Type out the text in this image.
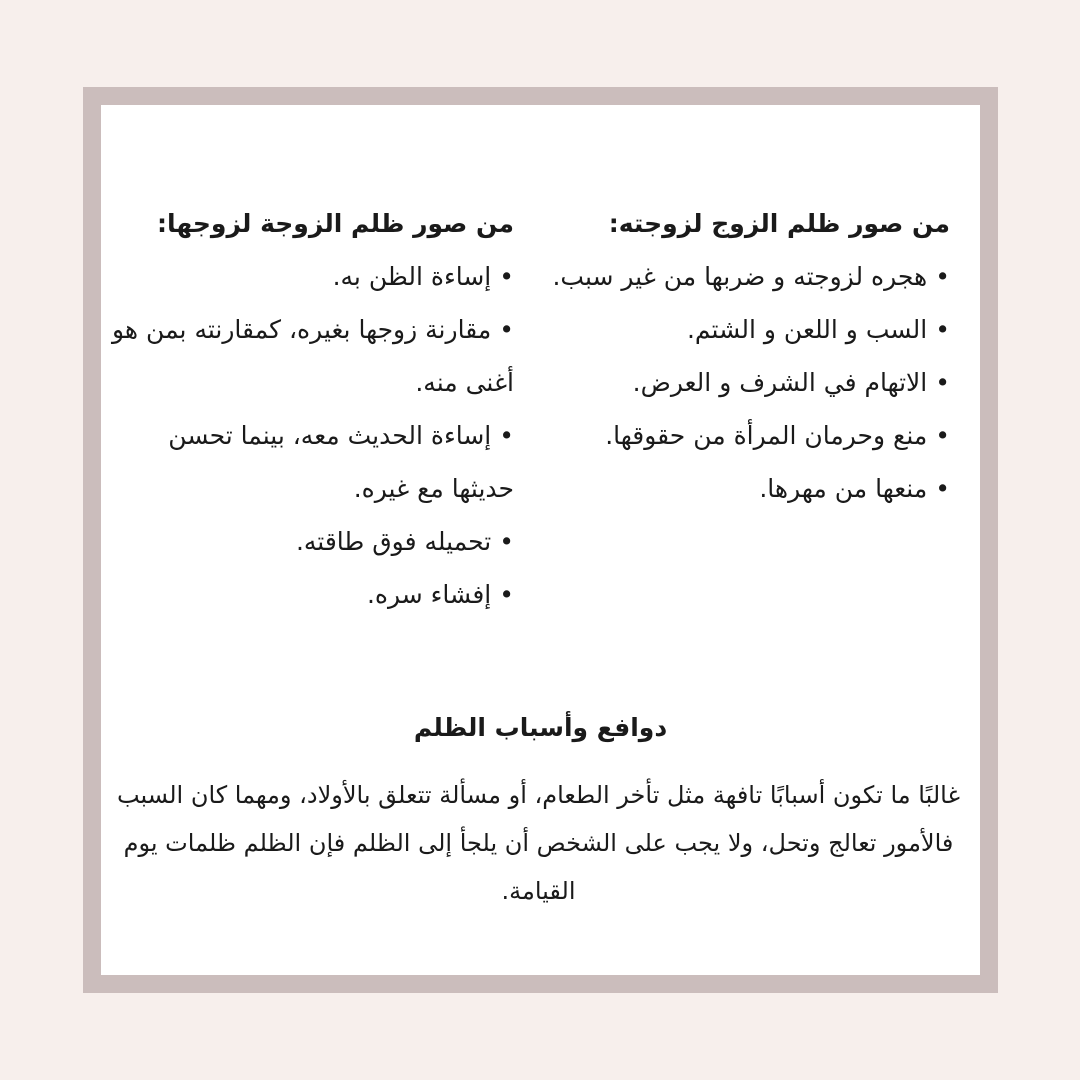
من صور ظلم الزوج لزوجته:

•هجره لزوجته و ضربها من غير سبب.
•السب و اللعن و الشتم.
•الاتهام في الشرف و العرض.
•منع وحرمان المرأة من حقوقها.
•منعها من مهرها.

من صور ظلم الزوجة لزوجها:

•إساءة الظن به.
•مقارنة زوجها بغيره، كمقارنته بمن هو أغنى منه.
•إساءة الحديث معه، بينما تحسن حديثها مع غيره.
•تحميله فوق طاقته.
•إفشاء سره.

دوافع وأسباب الظلم

غالبًا ما تكون أسبابًا تافهة مثل تأخر الطعام، أو مسألة تتعلق بالأولاد، ومهما كان السبب فالأمور تعالج وتحل، ولا يجب على الشخص أن يلجأ إلى الظلم فإن الظلم ظلمات يوم القيامة.
